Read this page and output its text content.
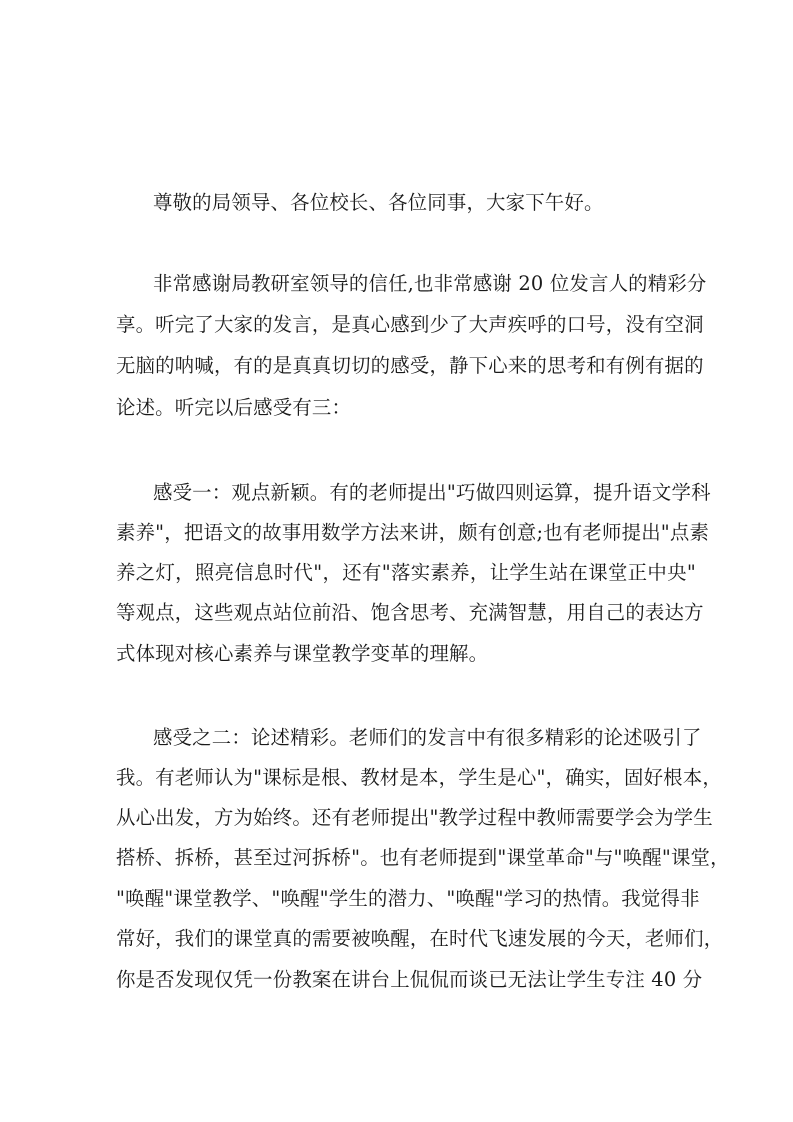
尊敬的局领导、各位校长、各位同事，大家下午好。
非常感谢局教研室领导的信任,也非常感谢 20 位发言人的精彩分
享。听完了大家的发言，是真心感到少了大声疾呼的口号，没有空洞
无脑的呐喊，有的是真真切切的感受，静下心来的思考和有例有据的
论述。听完以后感受有三：
感受一：观点新颖。有的老师提出"巧做四则运算，提升语文学科
素养"，把语文的故事用数学方法来讲，颇有创意;也有老师提出"点素
养之灯，照亮信息时代"，还有"落实素养，让学生站在课堂正中央"
等观点，这些观点站位前沿、饱含思考、充满智慧，用自己的表达方
式体现对核心素养与课堂教学变革的理解。
感受之二：论述精彩。老师们的发言中有很多精彩的论述吸引了
我。有老师认为"课标是根、教材是本，学生是心"，确实，固好根本，
从心出发，方为始终。还有老师提出"教学过程中教师需要学会为学生
搭桥、拆桥，甚至过河拆桥"。也有老师提到"课堂革命"与"唤醒"课堂，
"唤醒"课堂教学、"唤醒"学生的潜力、"唤醒"学习的热情。我觉得非
常好，我们的课堂真的需要被唤醒，在时代飞速发展的今天，老师们，
你是否发现仅凭一份教案在讲台上侃侃而谈已无法让学生专注 40 分
